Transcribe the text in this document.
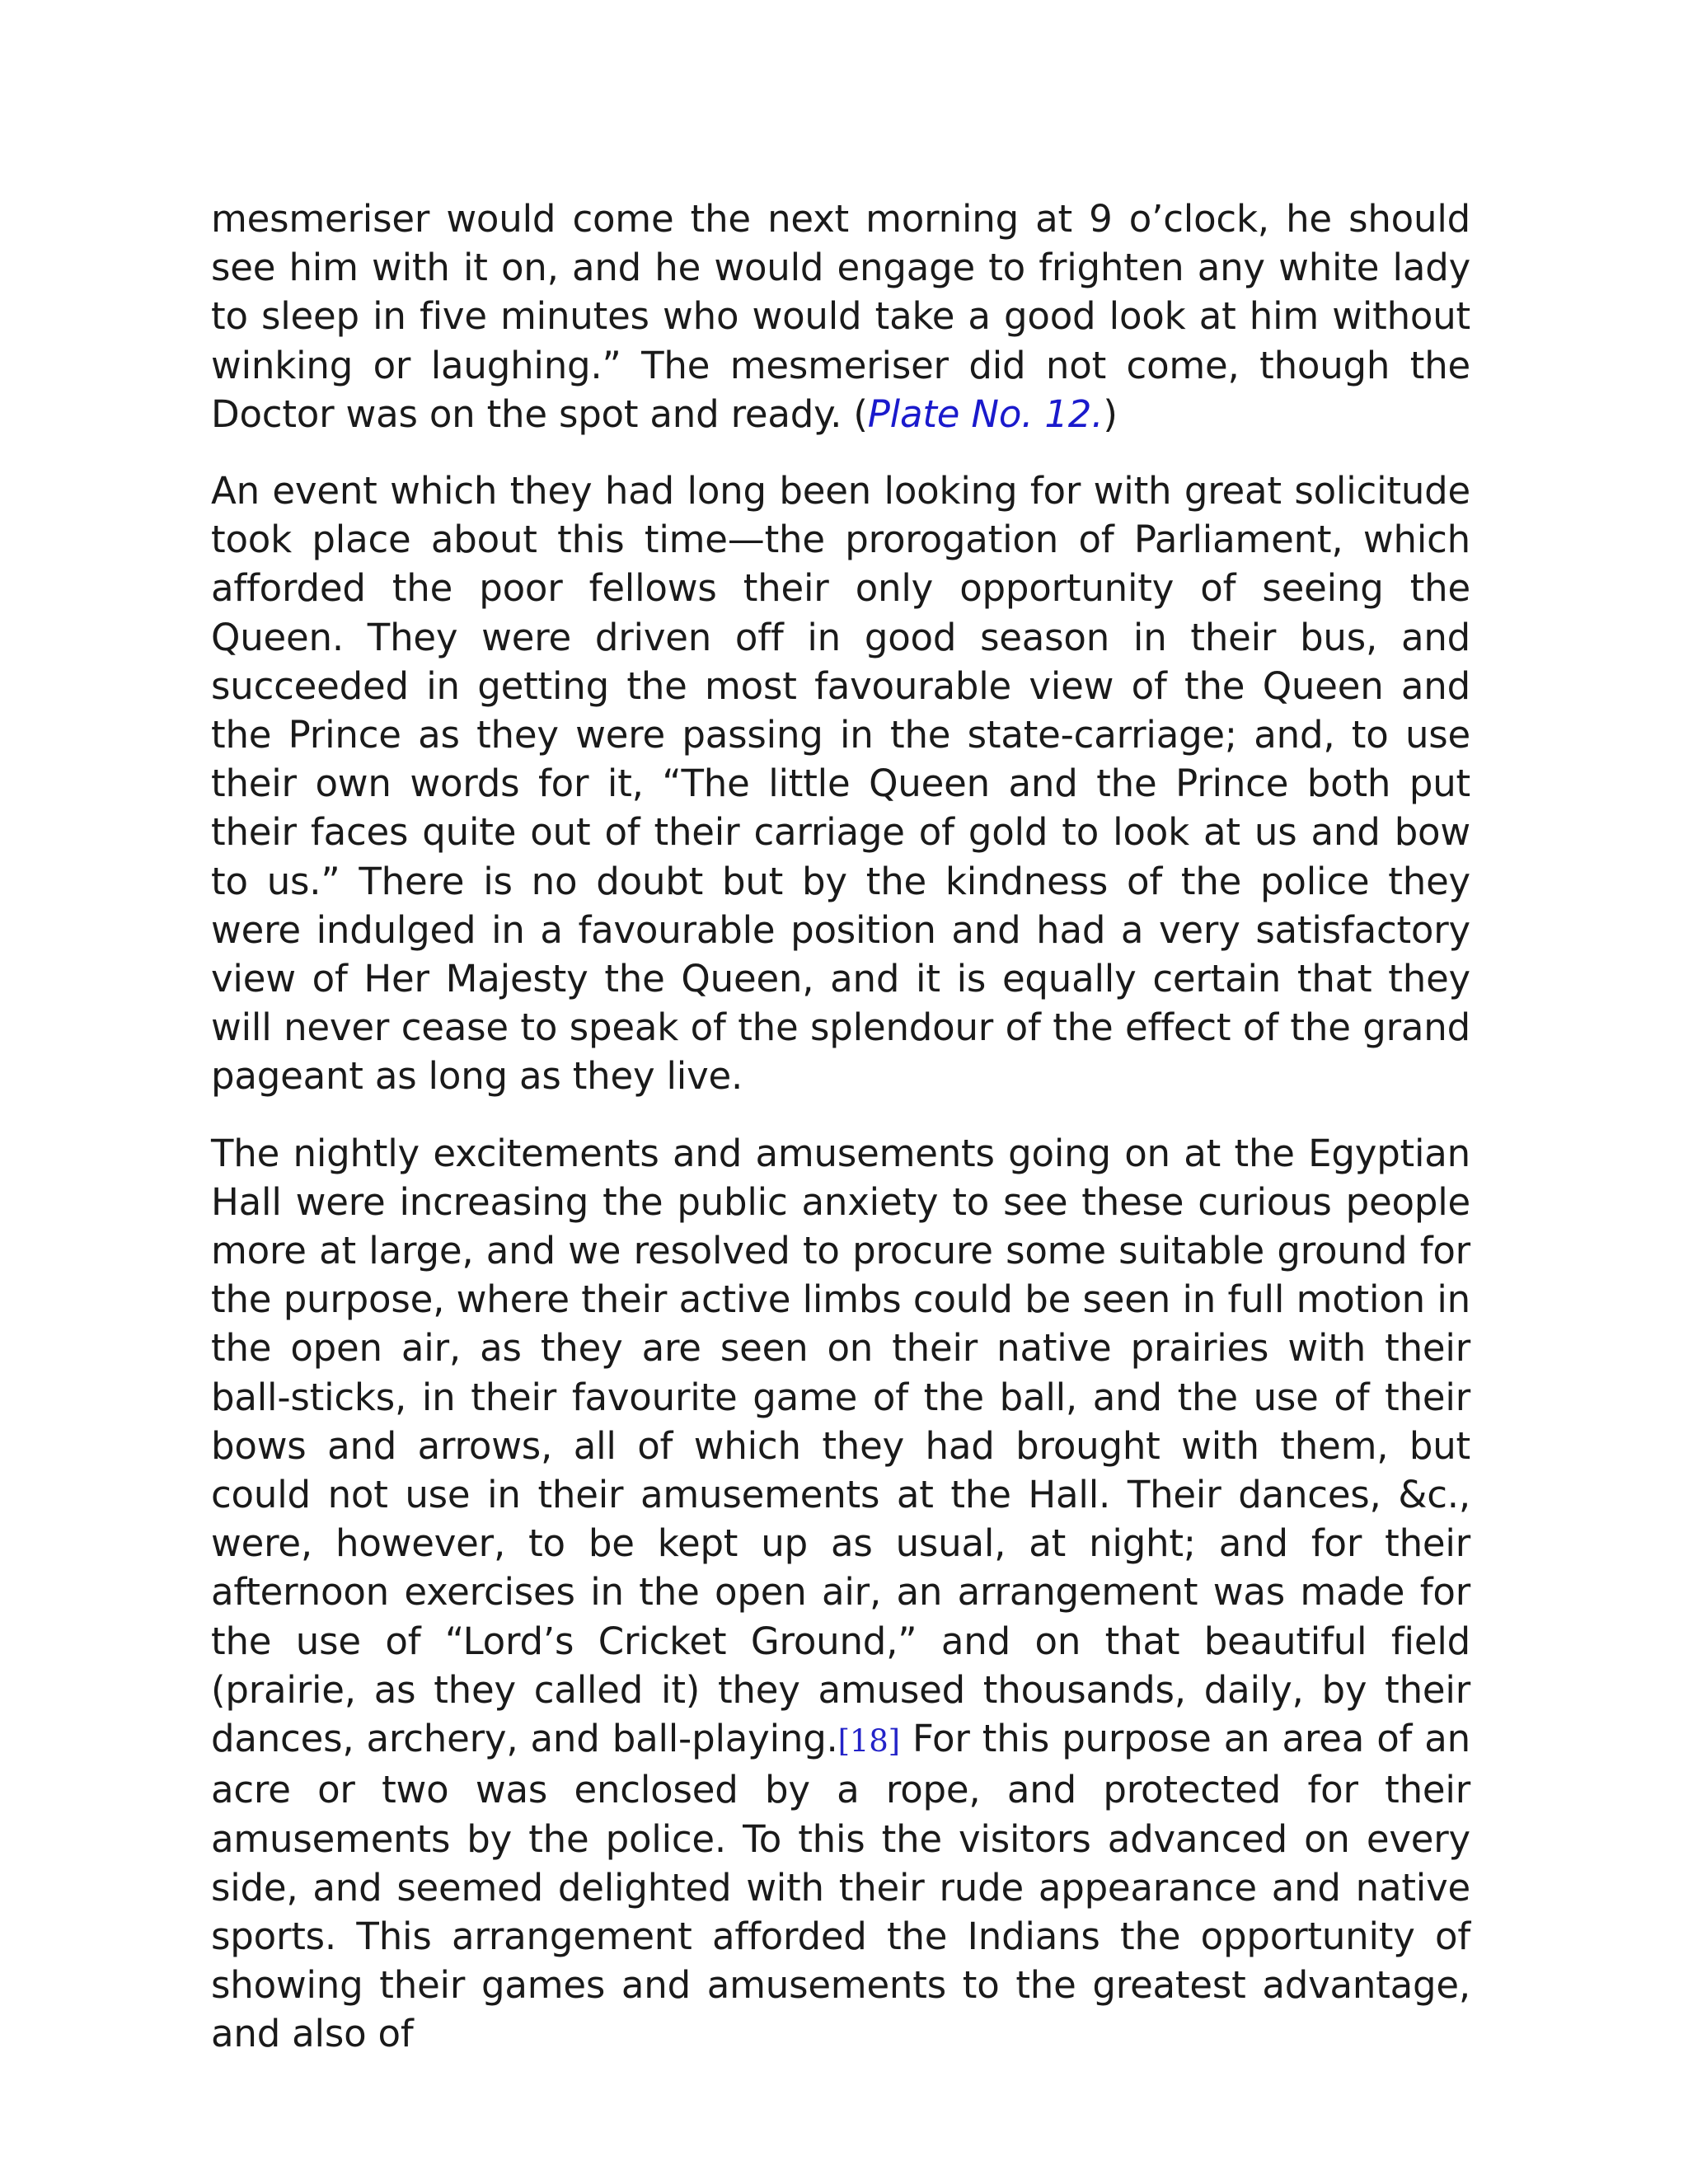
mesmeriser would come the next morning at 9 o’clock, he should see him with it on, and he would engage to frighten any white lady to sleep in five minutes who would take a good look at him without winking or laughing.” The mesmeriser did not come, though the Doctor was on the spot and ready. (Plate No. 12.)

An event which they had long been looking for with great solicitude took place about this time—the prorogation of Parliament, which afforded the poor fellows their only opportunity of seeing the Queen. They were driven off in good season in their bus, and succeeded in getting the most favourable view of the Queen and the Prince as they were passing in the state-carriage; and, to use their own words for it, “The little Queen and the Prince both put their faces quite out of their carriage of gold to look at us and bow to us.” There is no doubt but by the kindness of the police they were indulged in a favourable position and had a very satisfactory view of Her Majesty the Queen, and it is equally certain that they will never cease to speak of the splendour of the effect of the grand pageant as long as they live.

The nightly excitements and amusements going on at the Egyptian Hall were increasing the public anxiety to see these curious people more at large, and we resolved to procure some suitable ground for the purpose, where their active limbs could be seen in full motion in the open air, as they are seen on their native prairies with their ball-sticks, in their favourite game of the ball, and the use of their bows and arrows, all of which they had brought with them, but could not use in their amusements at the Hall. Their dances, &c., were, however, to be kept up as usual, at night; and for their afternoon exercises in the open air, an arrangement was made for the use of “Lord’s Cricket Ground,” and on that beautiful field (prairie, as they called it) they amused thousands, daily, by their dances, archery, and ball-playing.[18] For this purpose an area of an acre or two was enclosed by a rope, and protected for their amusements by the police. To this the visitors advanced on every side, and seemed delighted with their rude appearance and native sports. This arrangement afforded the Indians the opportunity of showing their games and amusements to the greatest advantage, and also of
